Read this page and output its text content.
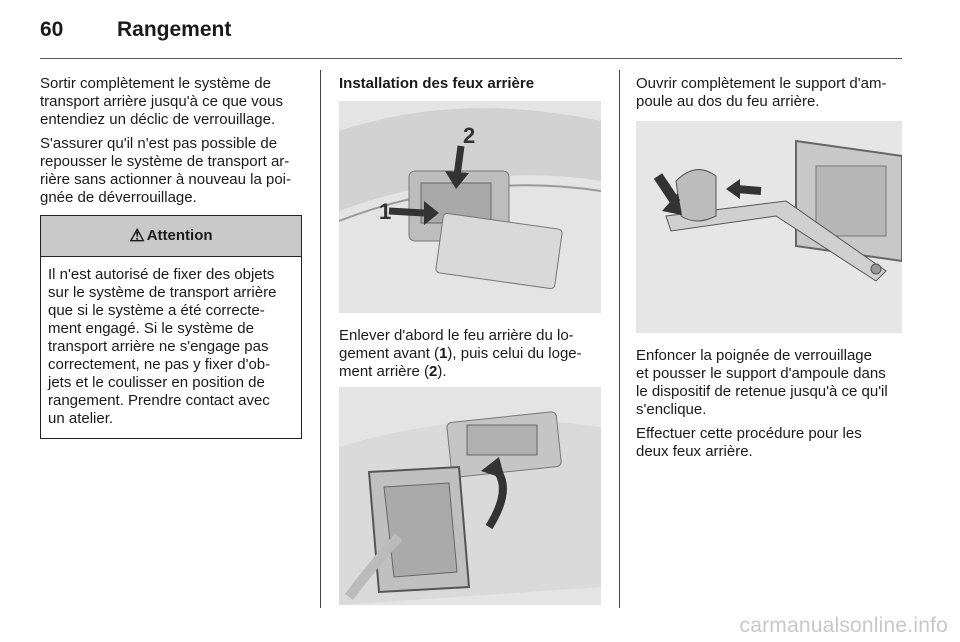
60	Rangement

Sortir complètement le système de
transport arrière jusqu'à ce que vous
entendiez un déclic de verrouillage.

S'assurer qu'il n'est pas possible de
repousser le système de transport ar-
rière sans actionner à nouveau la poi-
gnée de déverrouillage.

⚠ Attention
Il n'est autorisé de fixer des objets
sur le système de transport arrière
que si le système a été correcte-
ment engagé. Si le système de
transport arrière ne s'engage pas
correctement, ne pas y fixer d'ob-
jets et le coulisser en position de
rangement. Prendre contact avec
un atelier.

Installation des feux arrière

1
2

Enlever d'abord le feu arrière du lo-
gement avant (1), puis celui du loge-
ment arrière (2).

Ouvrir complètement le support d'am-
poule au dos du feu arrière.

Enfoncer la poignée de verrouillage
et pousser le support d'ampoule dans
le dispositif de retenue jusqu'à ce qu'il
s'enclique.

Effectuer cette procédure pour les
deux feux arrière.

carmanualsonline.info
